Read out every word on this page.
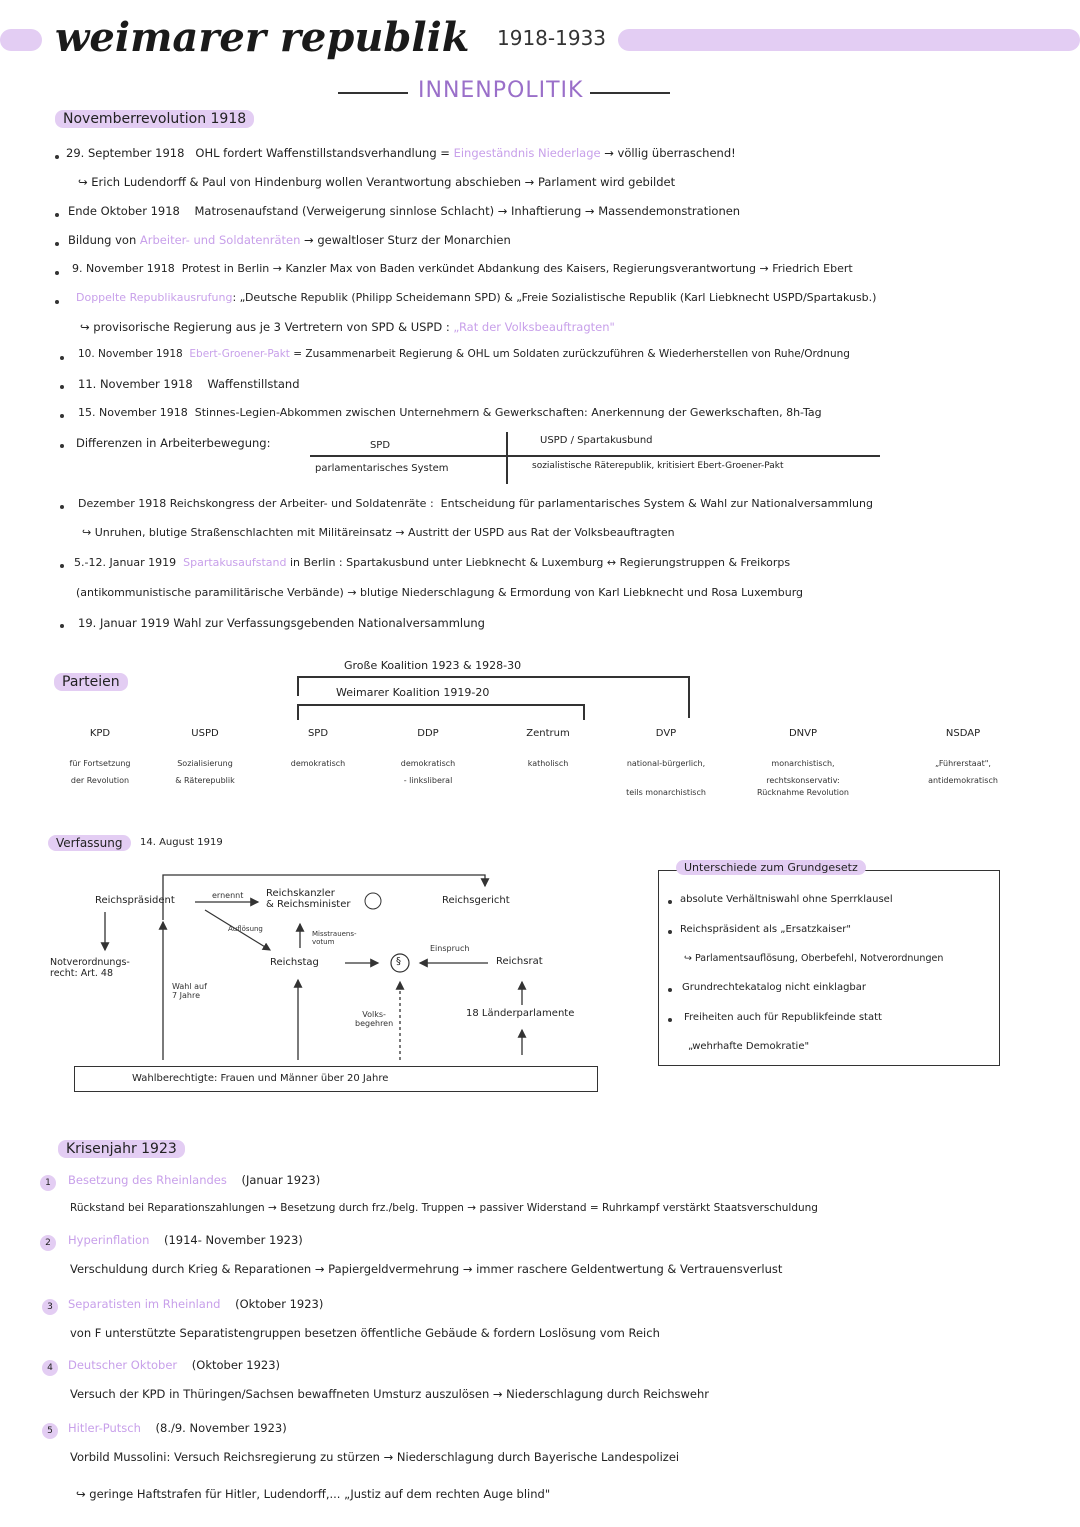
weimarer republik 1918-1933
INNENPOLITIK
Novemberrevolution 1918
29. September 1918 OHL fordert Waffenstillstandsverhandlung = Eingeständnis Niederlage → völlig überraschend!
↪ Erich Ludendorff & Paul von Hindenburg wollen Verantwortung abschieben → Parlament wird gebildet
Ende Oktober 1918 Matrosenaufstand (Verweigerung sinnlose Schlacht) → Inhaftierung → Massendemonstrationen
Bildung von Arbeiter- und Soldatenräten → gewaltloser Sturz der Monarchien
9. November 1918 Protest in Berlin → Kanzler Max von Baden verkündet Abdankung des Kaisers, Regierungsverantwortung → Friedrich Ebert
Doppelte Republikausrufung: „Deutsche Republik (Philipp Scheidemann SPD) & „Freie Sozialistische Republik (Karl Liebknecht USPD/Spartakusb.)
↪ provisorische Regierung aus je 3 Vertretern von SPD & USPD : „Rat der Volksbeauftragten"
10. November 1918 Ebert-Groener-Pakt = Zusammenarbeit Regierung & OHL um Soldaten zurückzuführen & Wiederherstellen von Ruhe/Ordnung
11. November 1918 Waffenstillstand
15. November 1918 Stinnes-Legien-Abkommen zwischen Unternehmern & Gewerkschaften: Anerkennung der Gewerkschaften, 8h-Tag
Differenzen in Arbeiterbewegung:	SPD	USPD / Spartakusbund
parlamentarisches System	sozialistische Räterepublik, kritisiert Ebert-Groener-Pakt
Dezember 1918 Reichskongress der Arbeiter- und Soldatenräte : Entscheidung für parlamentarisches System & Wahl zur Nationalversammlung
↪ Unruhen, blutige Straßenschlachten mit Militäreinsatz → Austritt der USPD aus Rat der Volksbeauftragten
5.-12. Januar 1919 Spartakusaufstand in Berlin : Spartakusbund unter Liebknecht & Luxemburg ↔ Regierungstruppen & Freikorps
(antikommunistische paramilitärische Verbände) → blutige Niederschlagung & Ermordung von Karl Liebknecht und Rosa Luxemburg
19. Januar 1919 Wahl zur Verfassungsgebenden Nationalversammlung
Parteien
Große Koalition 1923 & 1928-30
Weimarer Koalition 1919-20
KPD
für Fortsetzung
der Revolution
USPD
Sozialisierung
& Räterepublik
SPD
demokratisch
DDP
demokratisch
- linksliberal
Zentrum
katholisch
DVP
national-bürgerlich,
teils monarchistisch
DNVP
monarchistisch,
rechtskonservativ:
Rücknahme Revolution
NSDAP
„Führerstaat",
antidemokratisch
Verfassung	14. August 1919
Reichspräsident	ernennt
Auflösung
Reichskanzler
& Reichsminister
Misstrauens-votum
Reichsgericht
Reichstag	§
Einspruch
Reichsrat
Notverordnungs-
recht: Art. 48
Wahl auf
7 Jahre
Volks-
begehren
18 Länderparlamente
Wahlberechtigte: Frauen und Männer über 20 Jahre
Unterschiede zum Grundgesetz
absolute Verhältniswahl ohne Sperrklausel
Reichspräsident als „Ersatzkaiser"
↪ Parlamentsauflösung, Oberbefehl, Notverordnungen
Grundrechtekatalog nicht einklagbar
Freiheiten auch für Republikfeinde statt
„wehrhafte Demokratie"
Krisenjahr 1923
1	Besetzung des Rheinlandes (Januar 1923)
Rückstand bei Reparationszahlungen → Besetzung durch frz./belg. Truppen → passiver Widerstand = Ruhrkampf verstärkt Staatsverschuldung
2	Hyperinflation (1914- November 1923)
Verschuldung durch Krieg & Reparationen → Papiergeldvermehrung → immer raschere Geldentwertung & Vertrauensverlust
3	Separatisten im Rheinland (Oktober 1923)
von F unterstützte Separatistengruppen besetzen öffentliche Gebäude & fordern Loslösung vom Reich
4	Deutscher Oktober (Oktober 1923)
Versuch der KPD in Thüringen/Sachsen bewaffneten Umsturz auszulösen → Niederschlagung durch Reichswehr
5	Hitler-Putsch (8./9. November 1923)
Vorbild Mussolini: Versuch Reichsregierung zu stürzen → Niederschlagung durch Bayerische Landespolizei
↪ geringe Haftstrafen für Hitler, Ludendorff,... „Justiz auf dem rechten Auge blind"
